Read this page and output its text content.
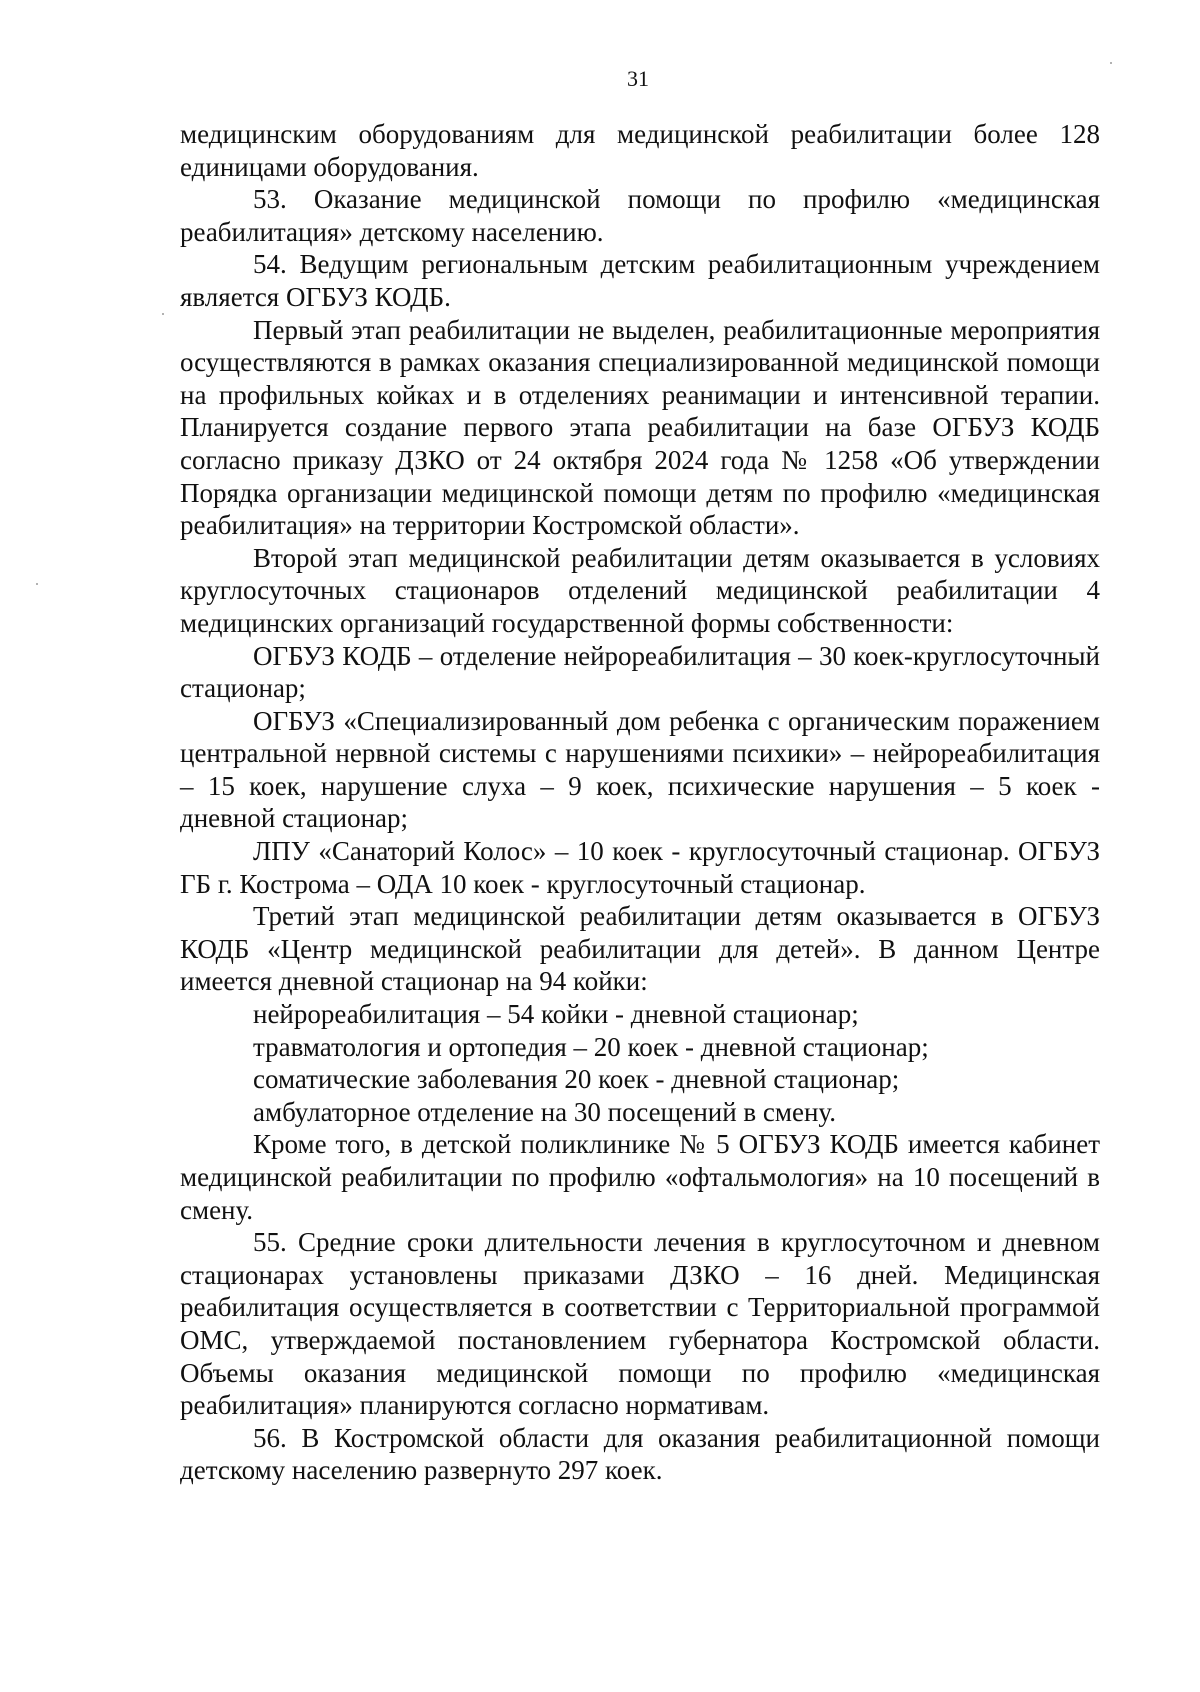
31

медицинским оборудованиям для медицинской реабилитации более 128 единицами оборудования.

53. Оказание медицинской помощи по профилю «медицинская реабилитация» детскому населению.

54. Ведущим региональным детским реабилитационным учреждением является ОГБУЗ КОДБ.

Первый этап реабилитации не выделен, реабилитационные мероприятия осуществляются в рамках оказания специализированной медицинской помощи на профильных койках и в отделениях реанимации и интенсивной терапии. Планируется создание первого этапа реабилитации на базе ОГБУЗ КОДБ согласно приказу ДЗКО от 24 октября 2024 года № 1258 «Об утверждении Порядка организации медицинской помощи детям по профилю «медицинская реабилитация» на территории Костромской области».

Второй этап медицинской реабилитации детям оказывается в условиях круглосуточных стационаров отделений медицинской реабилитации 4 медицинских организаций государственной формы собственности:

ОГБУЗ КОДБ – отделение нейрореабилитация – 30 коек-круглосуточный стационар;

ОГБУЗ «Специализированный дом ребенка с органическим поражением центральной нервной системы с нарушениями психики» – нейрореабилитация – 15 коек, нарушение слуха – 9 коек, психические нарушения – 5 коек - дневной стационар;

ЛПУ «Санаторий Колос» – 10 коек - круглосуточный стационар. ОГБУЗ ГБ г. Кострома – ОДА 10 коек - круглосуточный стационар.

Третий этап медицинской реабилитации детям оказывается в ОГБУЗ КОДБ «Центр медицинской реабилитации для детей». В данном Центре имеется дневной стационар на 94 койки:

нейрореабилитация – 54 койки - дневной стационар;

травматология и ортопедия – 20 коек - дневной стационар;

соматические заболевания 20 коек - дневной стационар;

амбулаторное отделение на 30 посещений в смену.

Кроме того, в детской поликлинике № 5 ОГБУЗ КОДБ имеется кабинет медицинской реабилитации по профилю «офтальмология» на 10 посещений в смену.

55. Средние сроки длительности лечения в круглосуточном и дневном стационарах установлены приказами ДЗКО – 16 дней. Медицинская реабилитация осуществляется в соответствии с Территориальной программой ОМС, утверждаемой постановлением губернатора Костромской области. Объемы оказания медицинской помощи по профилю «медицинская реабилитация» планируются согласно нормативам.

56. В Костромской области для оказания реабилитационной помощи детскому населению развернуто 297 коек.
